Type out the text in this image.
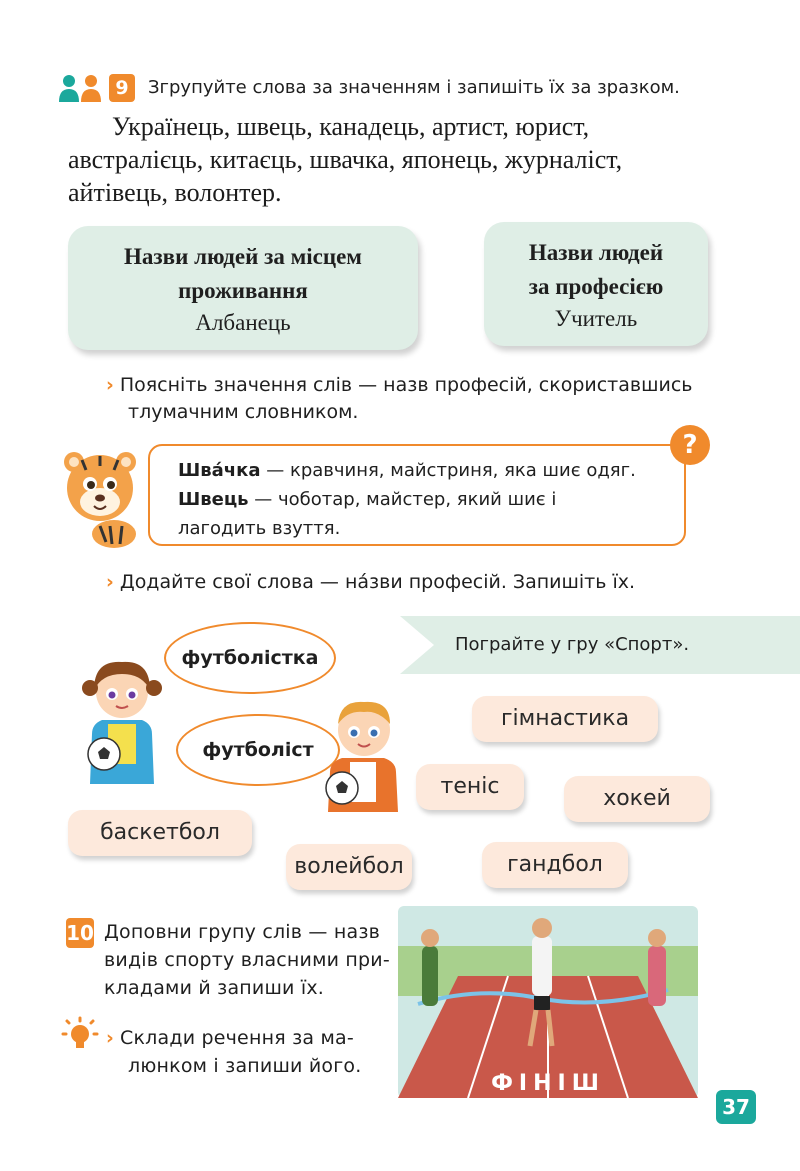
9	Згрупуйте слова за значенням і запишіть їх за зразком.
Українець, швець, канадець, артист, юрист,
австралієць, китаєць, швачка, японець, журналіст,
айтівець, волонтер.
Назви людей за місцем
проживання
Албанець
Назви людей
за професією
Учитель
› Поясніть значення слів — назв професій, скориставшись
тлумачним словником.
Шва́чка — кравчиня, майстриня, яка шиє одяг.
Швець — чоботар, майстер, який шиє і
лагодить взуття.
?
› Додайте свої слова — на́зви професій. Запишіть їх.
Пограйте у гру «Спорт».
футболістка
футболіст
гімнастика
теніс	хокей
баскетбол
волейбол	гандбол
10 Доповни групу слів — назв
видів спорту власними при-
кладами й запиши їх.
› Склади речення за ма-
люнком і запиши його.
ФІНІШ
37
